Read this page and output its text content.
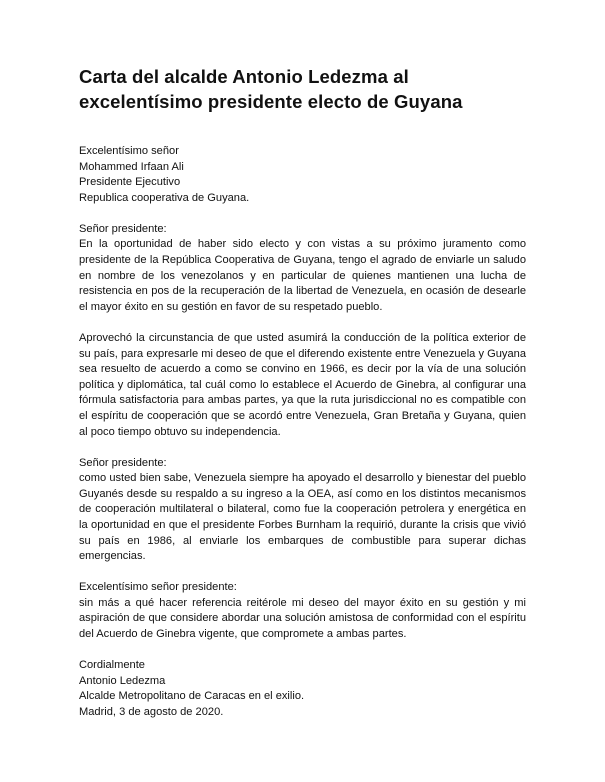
Carta del alcalde Antonio Ledezma al excelentísimo presidente electo de Guyana
Excelentísimo señor
Mohammed Irfaan Ali
Presidente Ejecutivo
Republica cooperativa de Guyana.
Señor presidente:
En la oportunidad de haber sido electo y con vistas a su próximo juramento como presidente de la República Cooperativa de Guyana, tengo el agrado de enviarle un saludo en nombre de los venezolanos y en particular de quienes mantienen una lucha de resistencia en pos de la recuperación de la libertad de Venezuela, en ocasión de desearle el mayor éxito en su gestión en favor de su respetado pueblo.
Aprovechó la circunstancia de que usted asumirá la conducción de la política exterior de su país, para expresarle mi deseo de que el diferendo existente entre Venezuela y Guyana sea resuelto de acuerdo a como se convino en 1966, es decir por la vía de una solución política y diplomática, tal cuál como lo establece el Acuerdo de Ginebra, al configurar una fórmula satisfactoria para ambas partes, ya que la ruta jurisdiccional no es compatible con el espíritu de cooperación que se acordó entre Venezuela, Gran Bretaña y Guyana, quien al poco tiempo obtuvo su independencia.
Señor presidente:
como usted bien sabe, Venezuela siempre ha apoyado el desarrollo y bienestar del pueblo Guyanés desde su respaldo a su ingreso a la OEA, así como en los distintos mecanismos de cooperación multilateral o bilateral, como fue la cooperación petrolera y energética en la oportunidad en que el presidente Forbes Burnham la requirió, durante la crisis que vivió su país en 1986, al enviarle los embarques de combustible para superar dichas emergencias.
Excelentísimo señor presidente:
sin más a qué hacer referencia reitérole mi deseo del mayor éxito en su gestión y mi aspiración de que considere abordar una solución amistosa de conformidad con el espíritu del Acuerdo de Ginebra vigente, que compromete a ambas partes.
Cordialmente
Antonio Ledezma
Alcalde Metropolitano de Caracas en el exilio.
Madrid, 3 de agosto de 2020.
